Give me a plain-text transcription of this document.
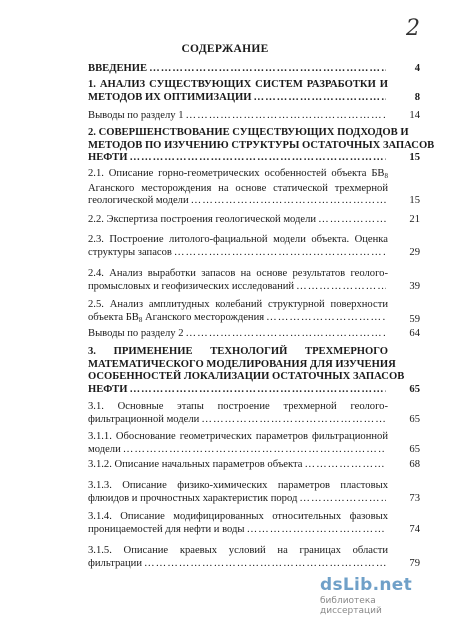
2
СОДЕРЖАНИЕ
ВВЕДЕНИЕ ……………………………………………………………………………………………………………………………………………………………………………	4
1. АНАЛИЗ СУЩЕСТВУЮЩИХ СИСТЕМ РАЗРАБОТКИ И
МЕТОДОВ ИХ ОПТИМИЗАЦИИ ……………………………………………………………………………………………………………………………………………………………………………	8
Выводы по разделу 1 ……………………………………………………………………………………………………………………………………………………………………………	14
2. СОВЕРШЕНСТВОВАНИЕ СУЩЕСТВУЮЩИХ ПОДХОДОВ И
МЕТОДОВ ПО ИЗУЧЕНИЮ СТРУКТУРЫ ОСТАТОЧНЫХ ЗАПАСОВ
НЕФТИ ……………………………………………………………………………………………………………………………………………………………………………	15
2.1. Описание горно-геометрических особенностей объекта $БВ_8$
Аганского месторождения на основе статической трехмерной
геологической модели ……………………………………………………………………………………………………………………………………………………………………………	15
2.2. Экспертиза построения геологической модели ……………………………………………………………………………………………………………………………………………………………………………	21
2.3. Построение литолого-фациальной модели объекта. Оценка
структуры запасов ……………………………………………………………………………………………………………………………………………………………………………	29
2.4. Анализ выработки запасов на основе результатов геолого-
промысловых и геофизических исследований ……………………………………………………………………………………………………………………………………………………………………………	39
2.5. Анализ амплитудных колебаний структурной поверхности
объекта $БВ_8$ Аганского месторождения ……………………………………………………………………………………………………………………………………………………………………………	59
Выводы по разделу 2 ……………………………………………………………………………………………………………………………………………………………………………	64
3. ПРИМЕНЕНИЕ ТЕХНОЛОГИЙ ТРЕХМЕРНОГО
МАТЕМАТИЧЕСКОГО МОДЕЛИРОВАНИЯ ДЛЯ ИЗУЧЕНИЯ
ОСОБЕННОСТЕЙ ЛОКАЛИЗАЦИИ ОСТАТОЧНЫХ ЗАПАСОВ
НЕФТИ ……………………………………………………………………………………………………………………………………………………………………………	65
3.1. Основные этапы построение трехмерной геолого-
фильтрационной модели ……………………………………………………………………………………………………………………………………………………………………………	65
3.1.1. Обоснование геометрических параметров фильтрационной
модели ……………………………………………………………………………………………………………………………………………………………………………	65
3.1.2. Описание начальных параметров объекта ……………………………………………………………………………………………………………………………………………………………………………	68
3.1.3. Описание физико-химических параметров пластовых
флюидов и прочностных характеристик пород ……………………………………………………………………………………………………………………………………………………………………………	73
3.1.4. Описание модифицированных относительных фазовых
проницаемостей для нефти и воды ……………………………………………………………………………………………………………………………………………………………………………	74
3.1.5. Описание краевых условий на границах области
фильтрации ……………………………………………………………………………………………………………………………………………………………………………	79
dsLib.net
библиотека диссертаций
